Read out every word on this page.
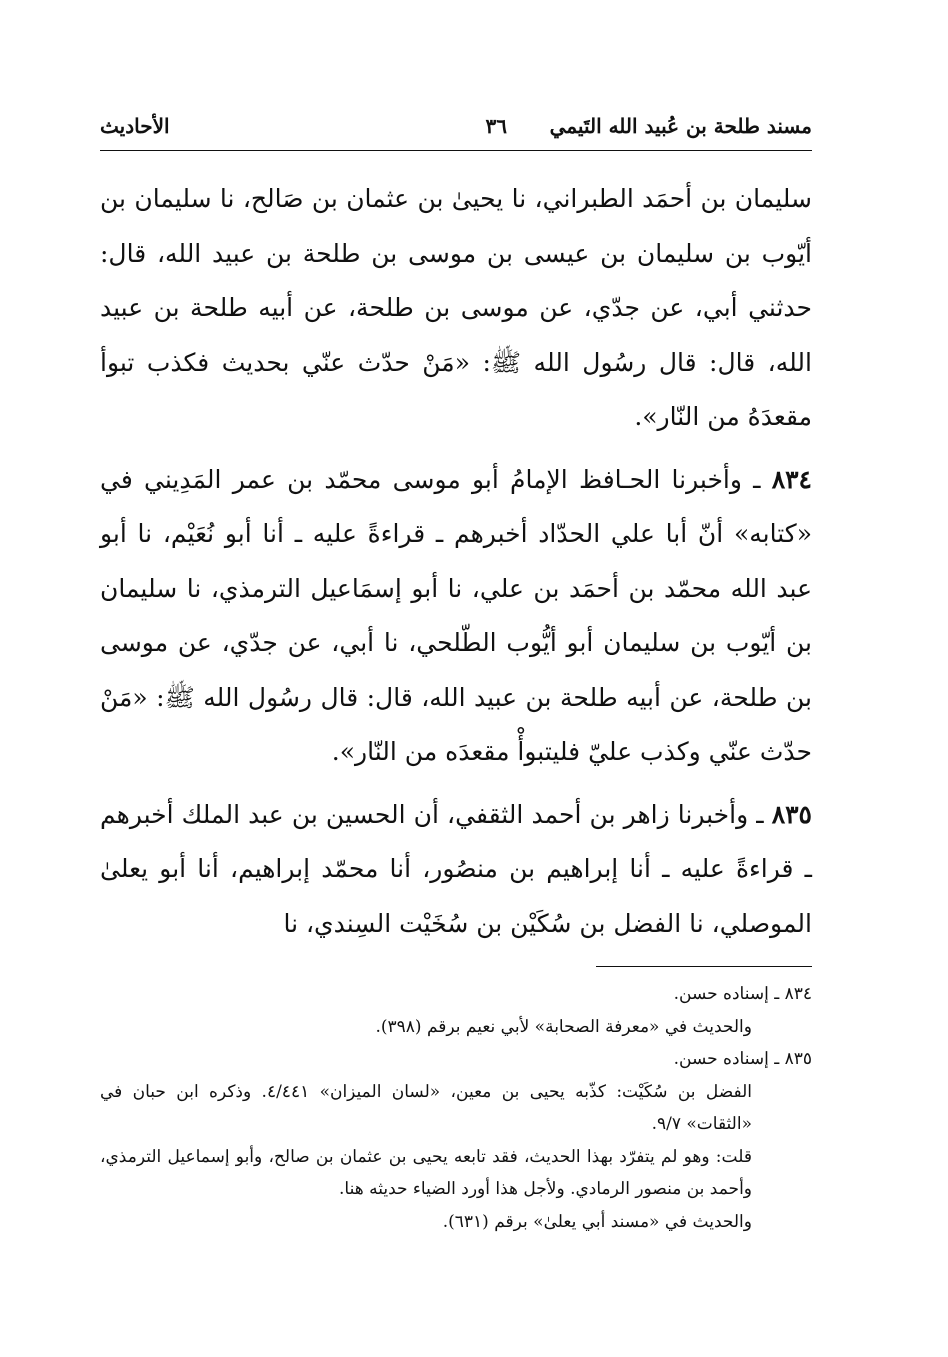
مسند طلحة بن عُبيد الله التَيمي
٣٦
الأحاديث

سليمان بن أحمَد الطبراني، نا يحيىٰ بن عثمان بن صَالح، نا سليمان بن أيّوب بن سليمان بن عيسى بن موسى بن طلحة بن عبيد الله، قال: حدثني أبي، عن جدّي، عن موسى بن طلحة، عن أبيه طلحة بن عبيد الله، قال: قال رسُول الله ﷺ: «مَنْ حدّث عنّي بحديث فكذب تبوأ مقعدَهُ من النّار».

٨٣٤ ـ وأخبرنا الحـافظ الإمامُ أبو موسى محمّد بن عمر المَدِيني في «كتابه» أنّ أبا علي الحدّاد أخبرهم ـ قراءةً عليه ـ أنا أبو نُعَيْم، نا أبو عبد الله محمّد بن أحمَد بن علي، نا أبو إسمَاعيل الترمذي، نا سليمان بن أيّوب بن سليمان أبو أيُّوب الطّلحي، نا أبي، عن جدّي، عن موسى بن طلحة، عن أبيه طلحة بن عبيد الله، قال: قال رسُول الله ﷺ: «مَنْ حدّث عنّي وكذب عليّ فليتبوأْ مقعدَه من النّار».

٨٣٥ ـ وأخبرنا زاهر بن أحمد الثقفي، أن الحسين بن عبد الملك أخبرهم ـ قراءةً عليه ـ أنا إبراهيم بن منصُور، أنا محمّد إبراهيم، أنا أبو يعلىٰ الموصلي، نا الفضل بن سُكَيْن بن سُخَيْت السِندي، نا

٨٣٤ ـ إسناده حسن.

والحديث في «معرفة الصحابة» لأبي نعيم برقم (٣٩٨).

٨٣٥ ـ إسناده حسن.

الفضل بن سُكَيْت: كذّبه يحيى بن معين، «لسان الميزان» ٤/٤٤١. وذكره ابن حبان في «الثقات» ٩/٧.

قلت: وهو لم يتفرّد بهذا الحديث، فقد تابعه يحيى بن عثمان بن صالح، وأبو إسماعيل الترمذي، وأحمد بن منصور الرمادي. ولأجل هذا أورد الضياء حديثه هنا.

والحديث في «مسند أبي يعلىٰ» برقم (٦٣١).
